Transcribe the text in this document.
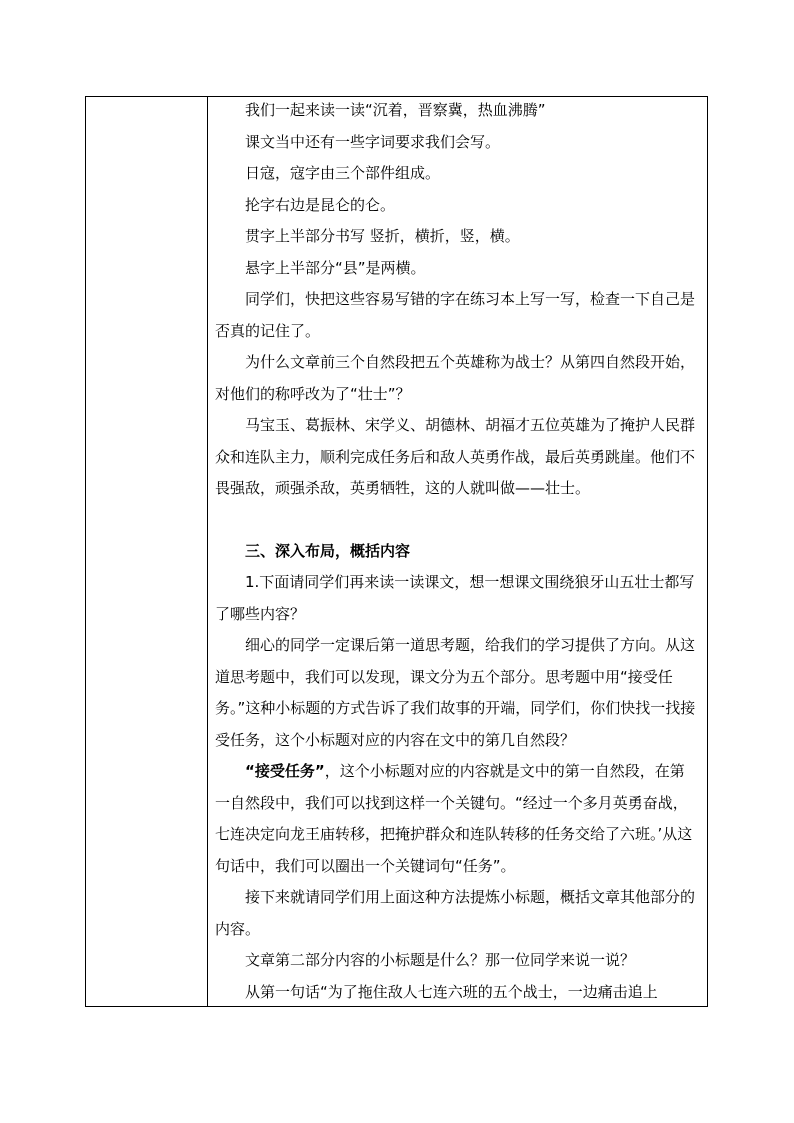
我们一起来读一读“沉着，晋察冀，热血沸腾”

课文当中还有一些字词要求我们会写。

日寇，寇字由三个部件组成。

抡字右边是昆仑的仑。

贯字上半部分书写 竖折，横折，竖，横。

悬字上半部分“县”是两横。

同学们，快把这些容易写错的字在练习本上写一写，检查一下自己是否真的记住了。

为什么文章前三个自然段把五个英雄称为战士？从第四自然段开始，对他们的称呼改为了“壮士”？

马宝玉、葛振林、宋学义、胡德林、胡福才五位英雄为了掩护人民群众和连队主力，顺利完成任务后和敌人英勇作战，最后英勇跳崖。他们不畏强敌，顽强杀敌，英勇牺牲，这的人就叫做——壮士。

三、深入布局，概括内容

1.下面请同学们再来读一读课文，想一想课文围绕狼牙山五壮士都写了哪些内容？

细心的同学一定课后第一道思考题，给我们的学习提供了方向。从这道思考题中，我们可以发现，课文分为五个部分。思考题中用“接受任务。”这种小标题的方式告诉了我们故事的开端，同学们，你们快找一找接受任务，这个小标题对应的内容在文中的第几自然段？

“接受任务”，这个小标题对应的内容就是文中的第一自然段，在第一自然段中，我们可以找到这样一个关键句。“经过一个多月英勇奋战，七连决定向龙王庙转移，把掩护群众和连队转移的任务交给了六班。’从这句话中，我们可以圈出一个关键词句“任务”。

接下来就请同学们用上面这种方法提炼小标题，概括文章其他部分的内容。

文章第二部分内容的小标题是什么？那一位同学来说一说？

从第一句话“为了拖住敌人七连六班的五个战士，一边痛击追上
